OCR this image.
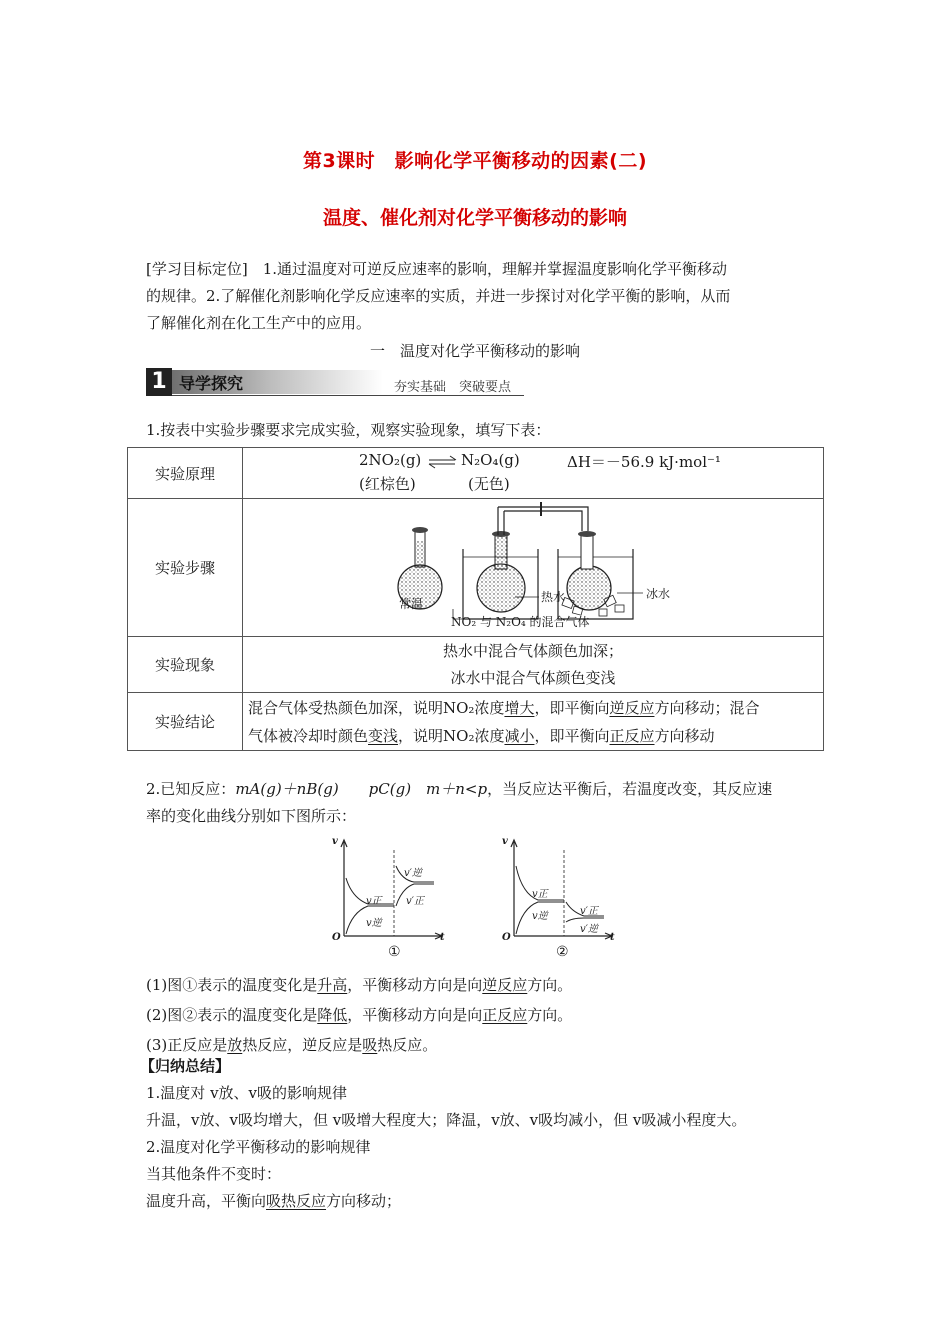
第3课时　影响化学平衡移动的因素(二)
温度、催化剂对化学平衡移动的影响
[学习目标定位]　 1.通过温度对可逆反应速率的影响，理解并掌握温度影响化学平衡移动
的规律。2.了解催化剂影响化学反应速率的实质，并进一步探讨对化学平衡的影响，从而
了解催化剂在化工生产中的应用。
一　温度对化学平衡移动的影响
1 导学探究	夯实基础　突破要点
1.按表中实验步骤要求完成实验，观察实验现象，填写下表：
实验原理	2NO₂(g) ⇌ N₂O₄(g) ΔH＝－56.9 kJ·mol⁻¹
(红棕色) (无色)

实验步骤	常温 热水 冰水
NO₂ 与 N₂O₄ 的混合气体

实验现象	热水中混合气体颜色加深；
冰水中混合气体颜色变浅

实验结论	混合气体受热颜色加深，说明NO₂浓度增大，即平衡向逆反应方向移动；混合
气体被冷却时颜色变浅，说明NO₂浓度减小，即平衡向正反应方向移动
2.已知反应：mA(g)＋nB(g)　　pC(g)　m＋n<p，当反应达平衡后，若温度改变，其反应速
率的变化曲线分别如下图所示：
v
t
O
v正
v逆
v′逆
v′正
①
v
t
O
v正
v逆	v′正
v′逆
②
(1)图①表示的温度变化是升高，平衡移动方向是向逆反应方向。
(2)图②表示的温度变化是降低，平衡移动方向是向正反应方向。
(3)正反应是放热反应，逆反应是吸热反应。
【归纳总结】
1.温度对 v放、v吸的影响规律
升温，v放、v吸均增大，但 v吸增大程度大；降温，v放、v吸均减小，但 v吸减小程度大。
2.温度对化学平衡移动的影响规律
当其他条件不变时：
温度升高，平衡向吸热反应方向移动；
